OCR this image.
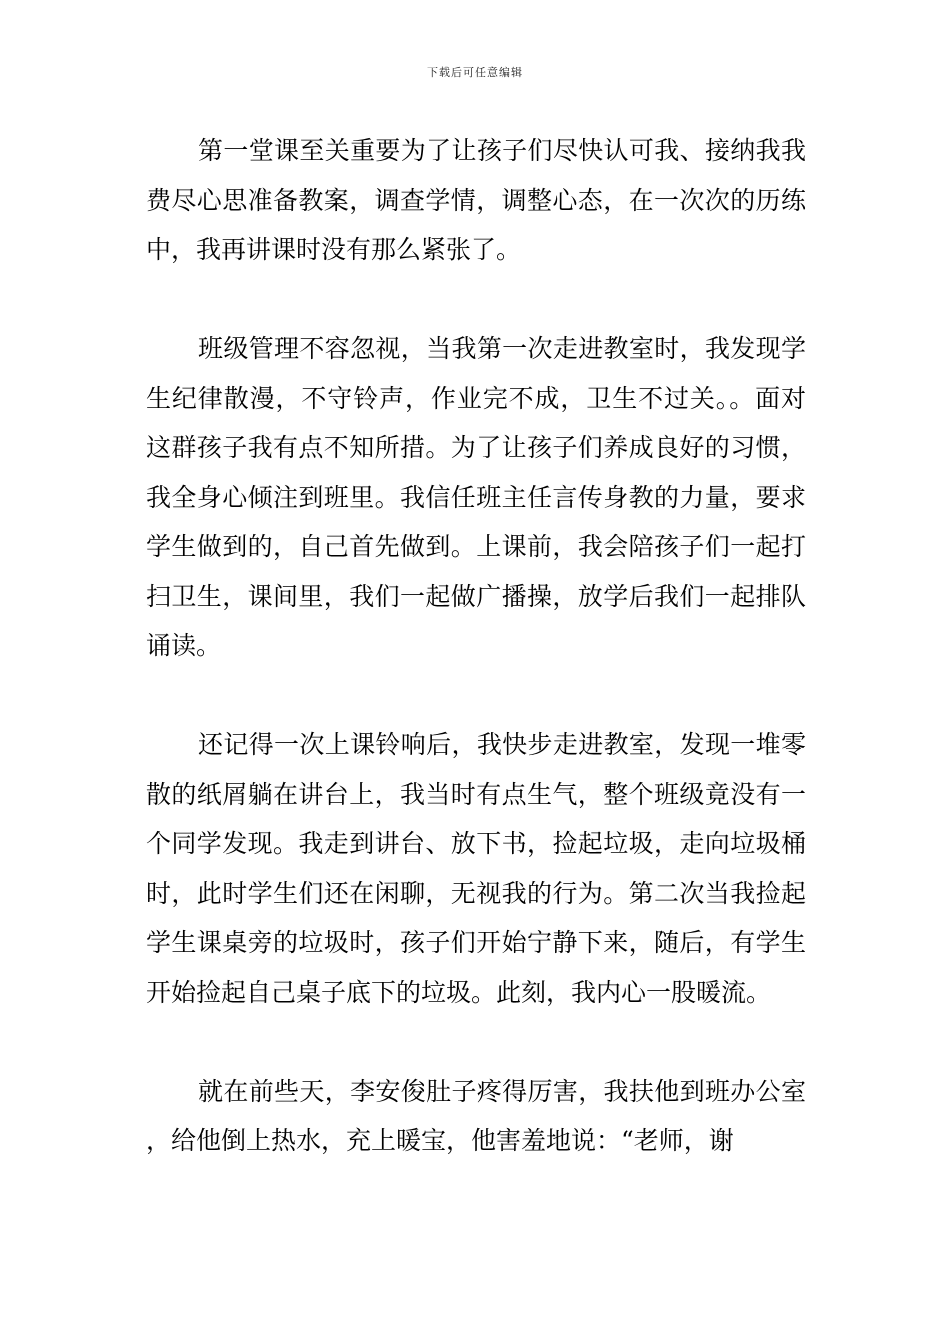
下载后可任意编辑

第一堂课至关重要为了让孩子们尽快认可我、接纳我我费尽心思准备教案，调查学情，调整心态，在一次次的历练中，我再讲课时没有那么紧张了。

班级管理不容忽视，当我第一次走进教室时，我发现学生纪律散漫，不守铃声，作业完不成，卫生不过关。。面对这群孩子我有点不知所措。为了让孩子们养成良好的习惯，我全身心倾注到班里。我信任班主任言传身教的力量，要求学生做到的，自己首先做到。上课前，我会陪孩子们一起打扫卫生，课间里，我们一起做广播操，放学后我们一起排队诵读。

还记得一次上课铃响后，我快步走进教室，发现一堆零散的纸屑躺在讲台上，我当时有点生气，整个班级竟没有一个同学发现。我走到讲台、放下书，捡起垃圾，走向垃圾桶时，此时学生们还在闲聊，无视我的行为。第二次当我捡起学生课桌旁的垃圾时，孩子们开始宁静下来，随后，有学生开始捡起自己桌子底下的垃圾。此刻，我内心一股暖流。

就在前些天，李安俊肚子疼得厉害，我扶他到班办公室，给他倒上热水，充上暖宝，他害羞地说：“老师，谢
